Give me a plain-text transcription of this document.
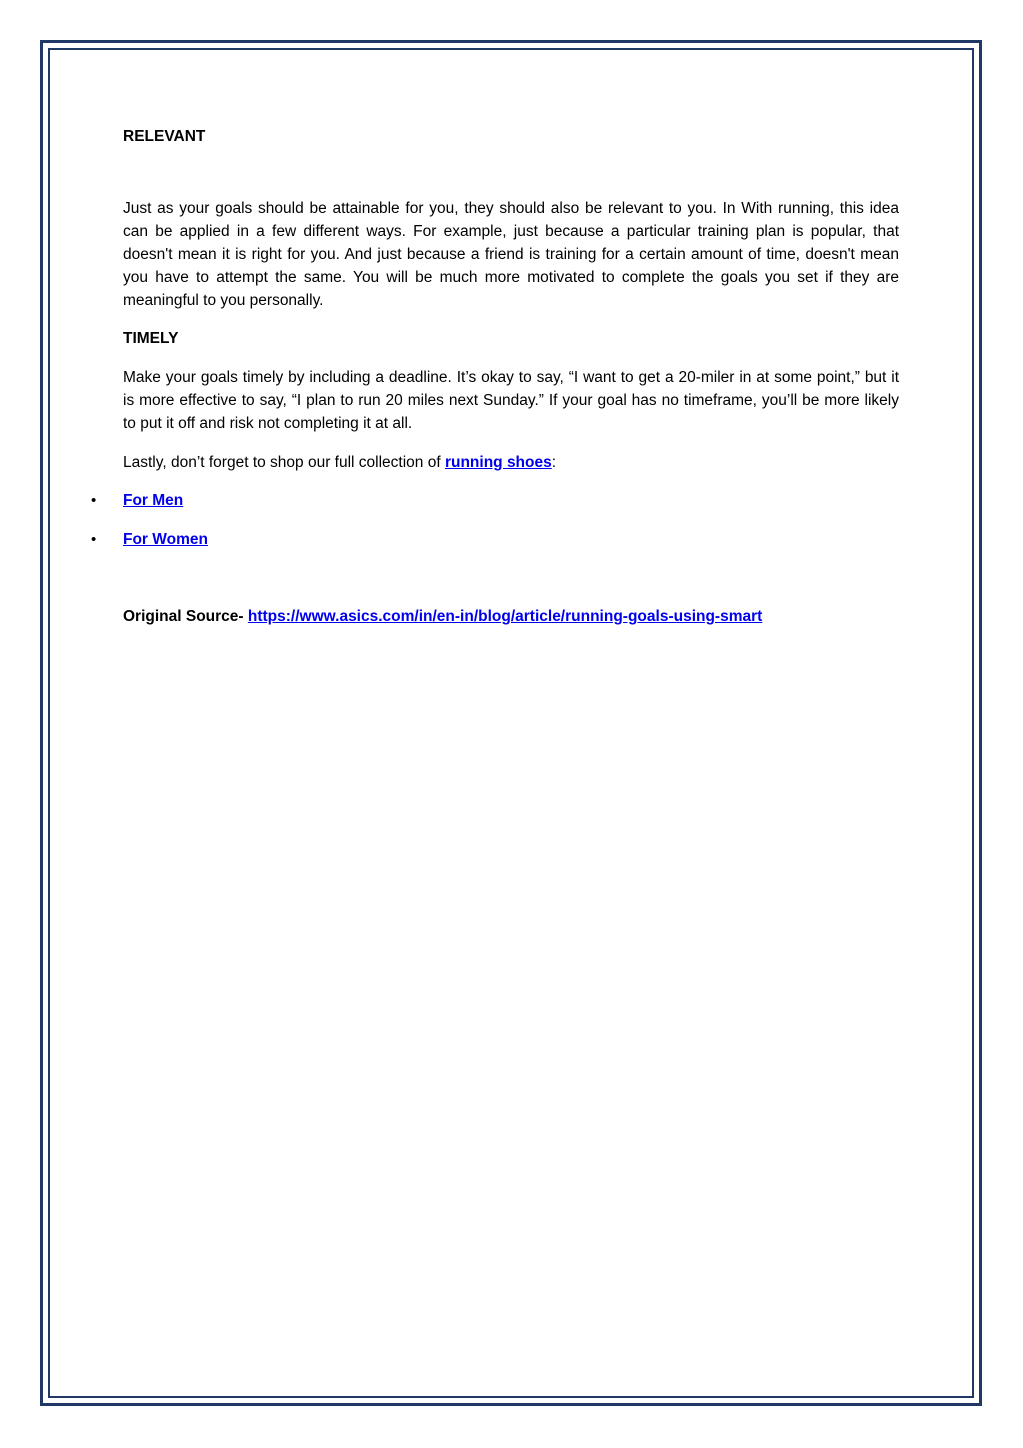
RELEVANT

Just as your goals should be attainable for you, they should also be relevant to you. In With running, this idea can be applied in a few different ways. For example, just because a particular training plan is popular, that doesn't mean it is right for you. And just because a friend is training for a certain amount of time, doesn't mean you have to attempt the same. You will be much more motivated to complete the goals you set if they are meaningful to you personally.

TIMELY

Make your goals timely by including a deadline. It’s okay to say, “I want to get a 20-miler in at some point,” but it is more effective to say, “I plan to run 20 miles next Sunday.” If your goal has no timeframe, you’ll be more likely to put it off and risk not completing it at all.

Lastly, don’t forget to shop our full collection of running shoes:
• For Men
• For Women
Original Source- https://www.asics.com/in/en-in/blog/article/running-goals-using-smart
